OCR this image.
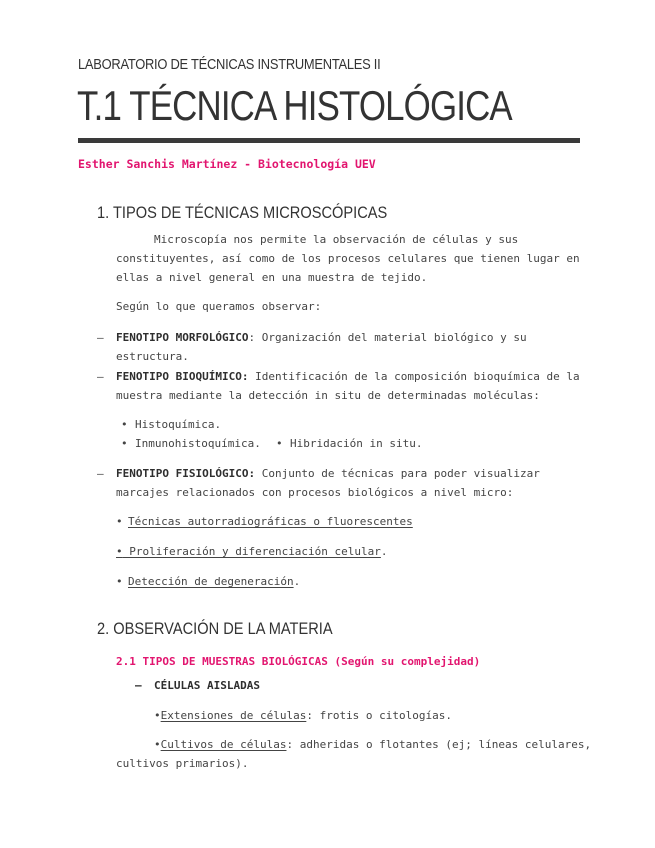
LABORATORIO DE TÉCNICAS INSTRUMENTALES II
T.1 TÉCNICA HISTOLÓGICA
Esther Sanchis Martínez - Biotecnología UEV
1. TIPOS DE TÉCNICAS MICROSCÓPICAS
Microscopía nos permite la observación de células y sus
constituyentes, así como de los procesos celulares que tienen lugar en
ellas a nivel general en una muestra de tejido.
Según lo que queramos observar:
– FENOTIPO MORFOLÓGICO: Organización del material biológico y su
estructura.
– FENOTIPO BIOQUÍMICO: Identificación de la composición bioquímica de la
muestra mediante la detección in situ de determinadas moléculas:
• Histoquímica.
• Inmunohistoquímica. • Hibridación in situ.
– FENOTIPO FISIOLÓGICO: Conjunto de técnicas para poder visualizar
marcajes relacionados con procesos biológicos a nivel micro:
• Técnicas autorradiográficas o fluorescentes
• Proliferación y diferenciación celular.
• Detección de degeneración.
2. OBSERVACIÓN DE LA MATERIA
2.1 TIPOS DE MUESTRAS BIOLÓGICAS (Según su complejidad)
– CÉLULAS AISLADAS
•Extensiones de células: frotis o citologías.
•Cultivos de células: adheridas o flotantes (ej; líneas celulares,
cultivos primarios).
